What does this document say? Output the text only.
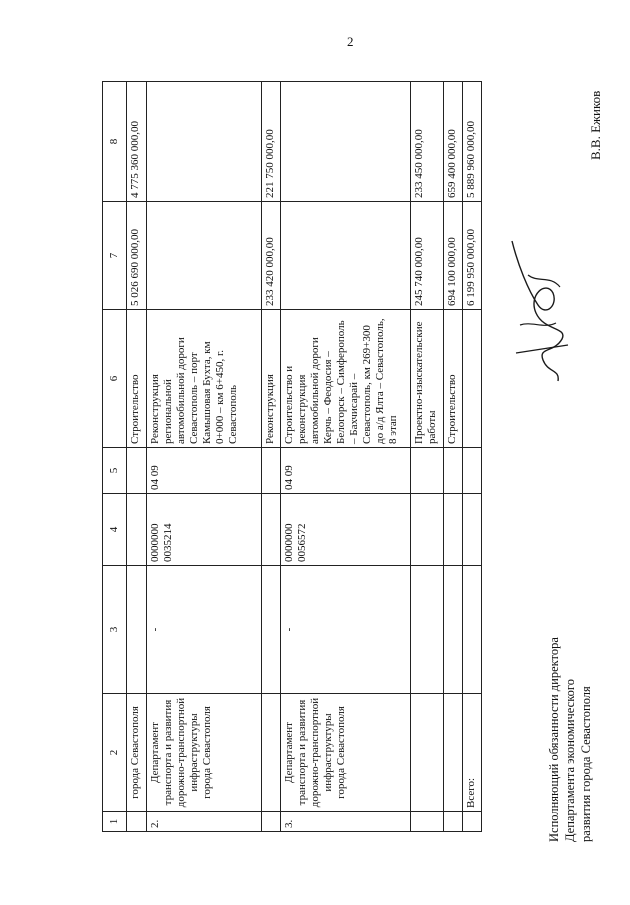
2
1	2	3	4	5	6	7	8
	города Севастополя				Строительство	5 026 690 000,00	4 775 360 000,00
2.	Департамент транспорта и развития дорожно-транспортной инфраструктуры города Севастополя	-	0000000 0035214	04 09	Реконструкция региональной автомобильной дороги Севастополь – порт Камышовая Бухта, км 0+000 – км 6+450, г. Севастополь		
					Реконструкция	233 420 000,00	221 750 000,00
3.	Департамент транспорта и развития дорожно-транспортной инфраструктуры города Севастополя	-	0000000 0056572	04 09	Строительство и реконструкция автомобильной дороги Керчь – Феодосия – Белогорск – Симферополь – Бахчисарай – Севастополь, км 269+300 до а/д Ялта – Севастополь, 8 этап		
					Проектно-изыскательские работы	245 740 000,00	233 450 000,00
					Строительство	694 100 000,00	659 400 000,00
	Всего:					6 199 950 000,00	5 889 960 000,00
Исполняющий обязанности директора Департамента экономического развития города Севастополя
В.В. Ежиков
